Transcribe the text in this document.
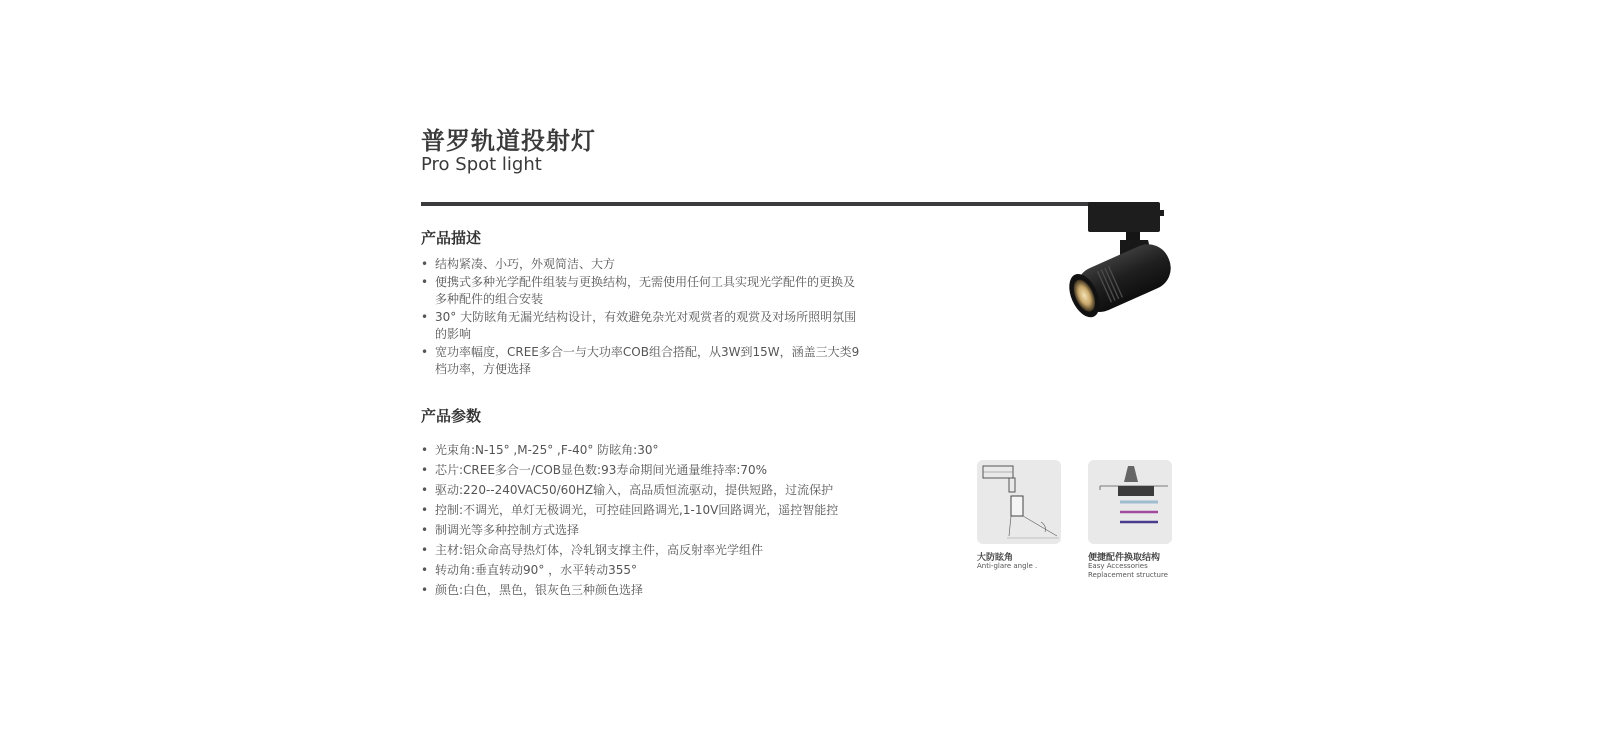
普罗轨道投射灯
Pro Spot light
产品描述
• 结构紧凑、小巧，外观简洁、大方
• 便携式多种光学配件组装与更换结构，无需使用任何工具实现光学配件的更换及多种配件的组合安装
• 30° 大防眩角无漏光结构设计，有效避免杂光对观赏者的观赏及对场所照明氛围的影响
• 宽功率幅度，CREE多合一与大功率COB组合搭配，从3W到15W，涵盖三大类9档功率，方便选择
产品参数
• 光束角:N-15° ,M-25° ,F-40° 防眩角:30°
• 芯片:CREE多合一/COB显色数:93寿命期间光通量维持率:70%
• 驱动:220--240VAC50/60HZ输入，高品质恒流驱动，提供短路，过流保护
• 控制:不调光，单灯无极调光，可控硅回路调光,1-10V回路调光，遥控智能控
• 制调光等多种控制方式选择
• 主材:铝众命高导热灯体，冷轧钢支撑主件，高反射率光学组件
• 转动角:垂直转动90° ，水平转动355°
• 颜色:白色，黑色，银灰色三种颜色选择
大防眩角
Anti-glare angle .
便捷配件换取结构
Easy Accessories
Replacement structure
